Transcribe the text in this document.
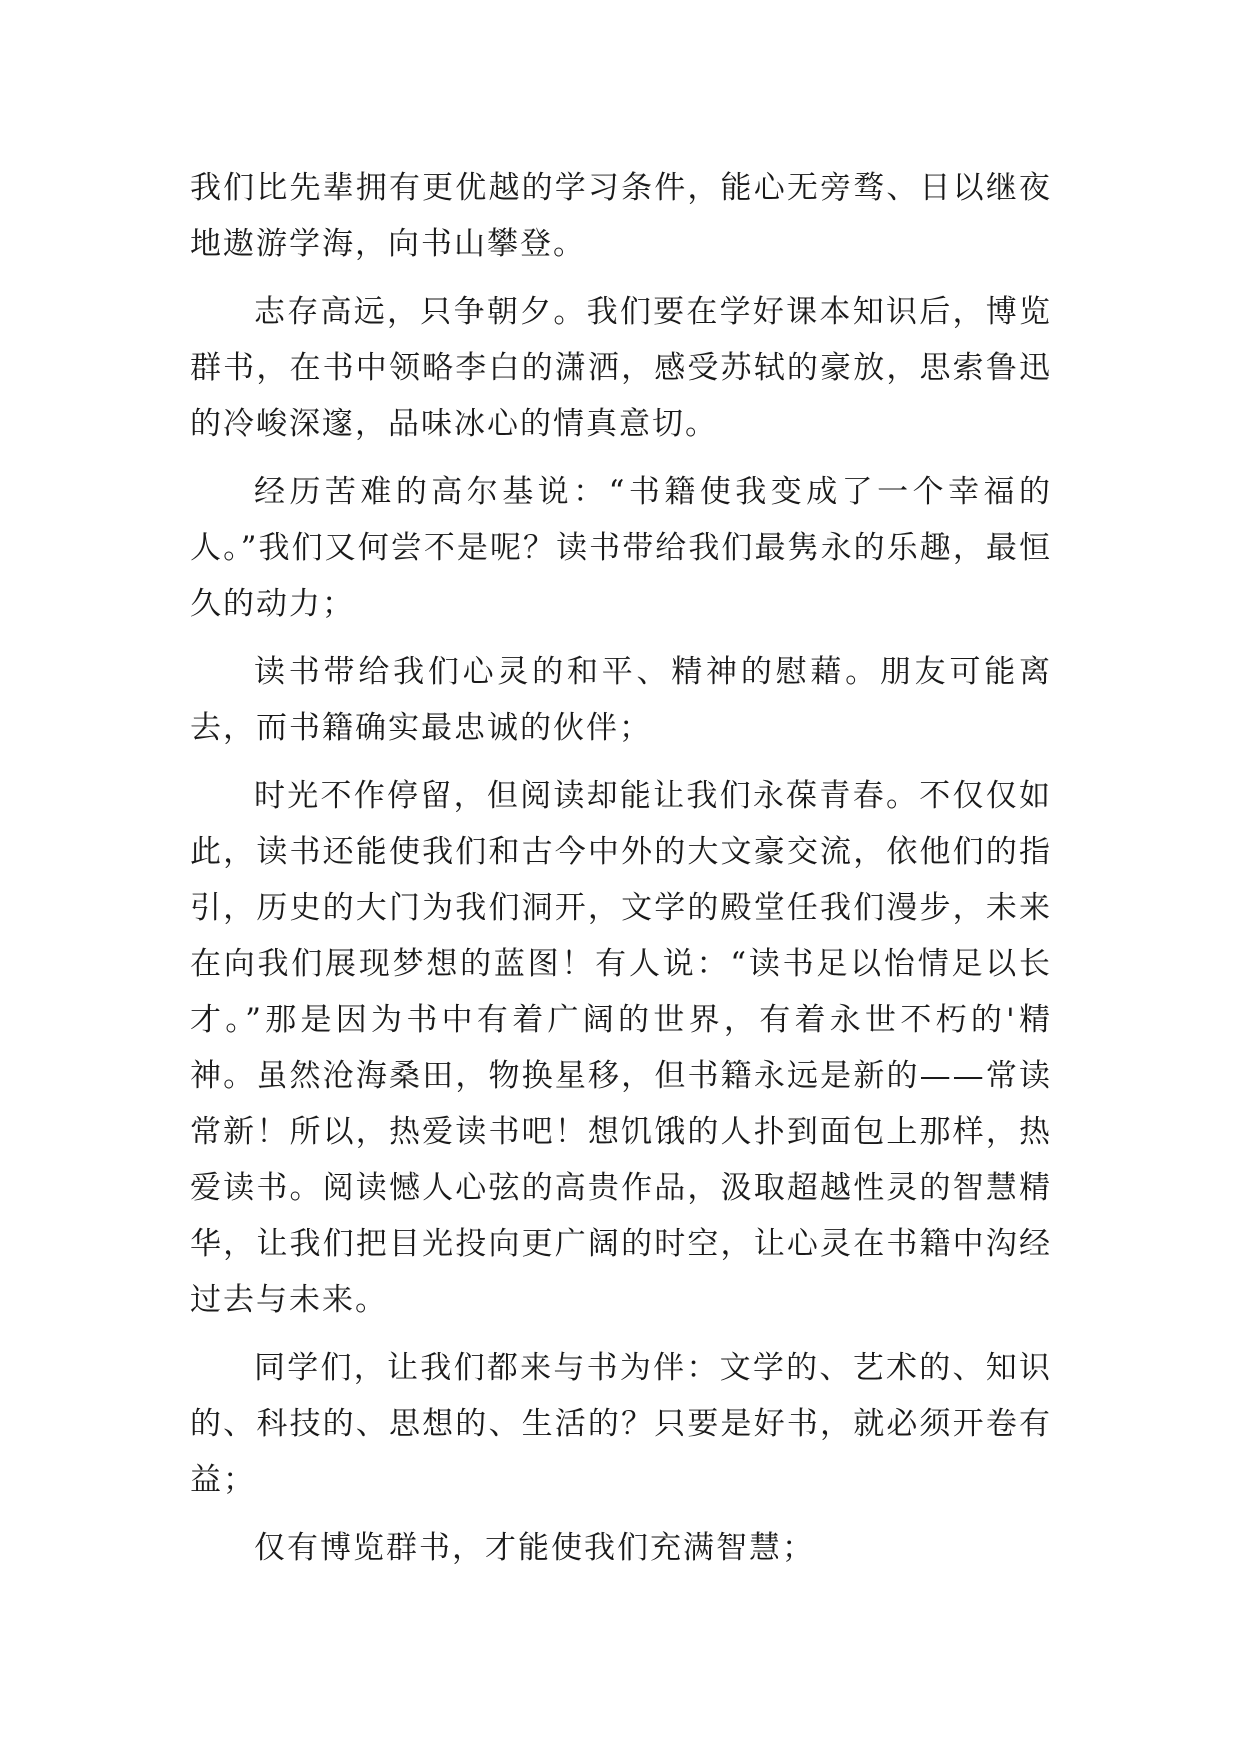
我们比先辈拥有更优越的学习条件，能心无旁骛、日以继夜地遨游学海，向书山攀登。

志存高远，只争朝夕。我们要在学好课本知识后，博览群书，在书中领略李白的潇洒，感受苏轼的豪放，思索鲁迅的冷峻深邃，品味冰心的情真意切。

经历苦难的高尔基说：“书籍使我变成了一个幸福的人。”我们又何尝不是呢？读书带给我们最隽永的乐趣，最恒久的动力；

读书带给我们心灵的和平、精神的慰藉。朋友可能离去，而书籍确实最忠诚的伙伴；

时光不作停留，但阅读却能让我们永葆青春。不仅仅如此，读书还能使我们和古今中外的大文豪交流，依他们的指引，历史的大门为我们洞开，文学的殿堂任我们漫步，未来在向我们展现梦想的蓝图！有人说：“读书足以怡情足以长才。”那是因为书中有着广阔的世界，有着永世不朽的'精神。虽然沧海桑田，物换星移，但书籍永远是新的——常读常新！所以，热爱读书吧！想饥饿的人扑到面包上那样，热爱读书。阅读憾人心弦的高贵作品，汲取超越性灵的智慧精华，让我们把目光投向更广阔的时空，让心灵在书籍中沟经过去与未来。

同学们，让我们都来与书为伴：文学的、艺术的、知识的、科技的、思想的、生活的？只要是好书，就必须开卷有益；

仅有博览群书，才能使我们充满智慧；
